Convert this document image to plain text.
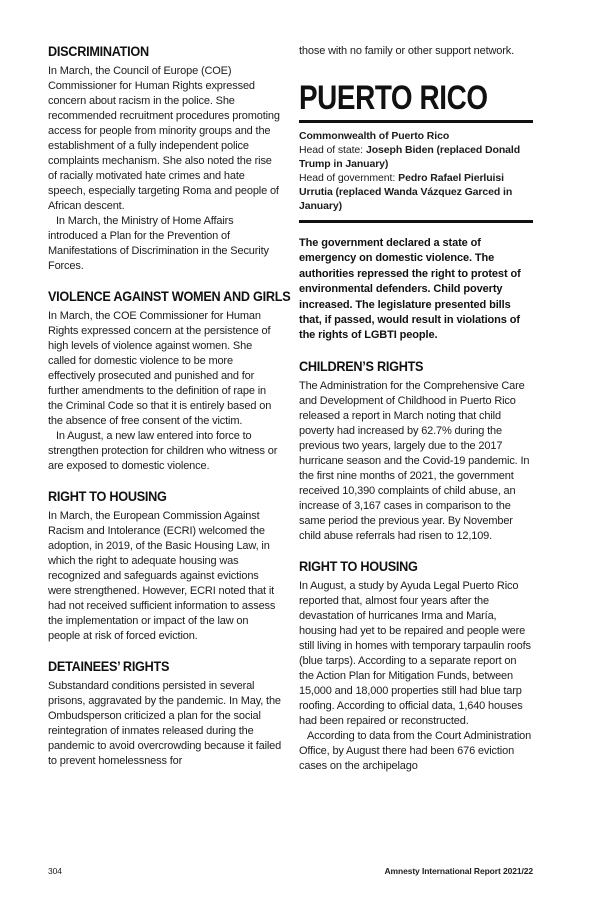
DISCRIMINATION

In March, the Council of Europe (COE) Commissioner for Human Rights expressed concern about racism in the police. She recommended recruitment procedures promoting access for people from minority groups and the establishment of a fully independent police complaints mechanism. She also noted the rise of racially motivated hate crimes and hate speech, especially targeting Roma and people of African descent.

In March, the Ministry of Home Affairs introduced a Plan for the Prevention of Manifestations of Discrimination in the Security Forces.

VIOLENCE AGAINST WOMEN AND GIRLS

In March, the COE Commissioner for Human Rights expressed concern at the persistence of high levels of violence against women. She called for domestic violence to be more effectively prosecuted and punished and for further amendments to the definition of rape in the Criminal Code so that it is entirely based on the absence of free consent of the victim.

In August, a new law entered into force to strengthen protection for children who witness or are exposed to domestic violence.

RIGHT TO HOUSING

In March, the European Commission Against Racism and Intolerance (ECRI) welcomed the adoption, in 2019, of the Basic Housing Law, in which the right to adequate housing was recognized and safeguards against evictions were strengthened. However, ECRI noted that it had not received sufficient information to assess the implementation or impact of the law on people at risk of forced eviction.

DETAINEES’ RIGHTS

Substandard conditions persisted in several prisons, aggravated by the pandemic. In May, the Ombudsperson criticized a plan for the social reintegration of inmates released during the pandemic to avoid overcrowding because it failed to prevent homelessness for

those with no family or other support network.

PUERTO RICO

Commonwealth of Puerto Rico

Head of state: Joseph Biden (replaced Donald Trump in January)

Head of government: Pedro Rafael Pierluisi Urrutia (replaced Wanda Vázquez Garced in January)

The government declared a state of emergency on domestic violence. The authorities repressed the right to protest of environmental defenders. Child poverty increased. The legislature presented bills that, if passed, would result in violations of the rights of LGBTI people.

CHILDREN’S RIGHTS

The Administration for the Comprehensive Care and Development of Childhood in Puerto Rico released a report in March noting that child poverty had increased by 62.7% during the previous two years, largely due to the 2017 hurricane season and the Covid-19 pandemic. In the first nine months of 2021, the government received 10,390 complaints of child abuse, an increase of 3,167 cases in comparison to the same period the previous year. By November child abuse referrals had risen to 12,109.

RIGHT TO HOUSING

In August, a study by Ayuda Legal Puerto Rico reported that, almost four years after the devastation of hurricanes Irma and María, housing had yet to be repaired and people were still living in homes with temporary tarpaulin roofs (blue tarps). According to a separate report on the Action Plan for Mitigation Funds, between 15,000 and 18,000 properties still had blue tarp roofing. According to official data, 1,640 houses had been repaired or reconstructed.

According to data from the Court Administration Office, by August there had been 676 eviction cases on the archipelago

304	Amnesty International Report 2021/22
